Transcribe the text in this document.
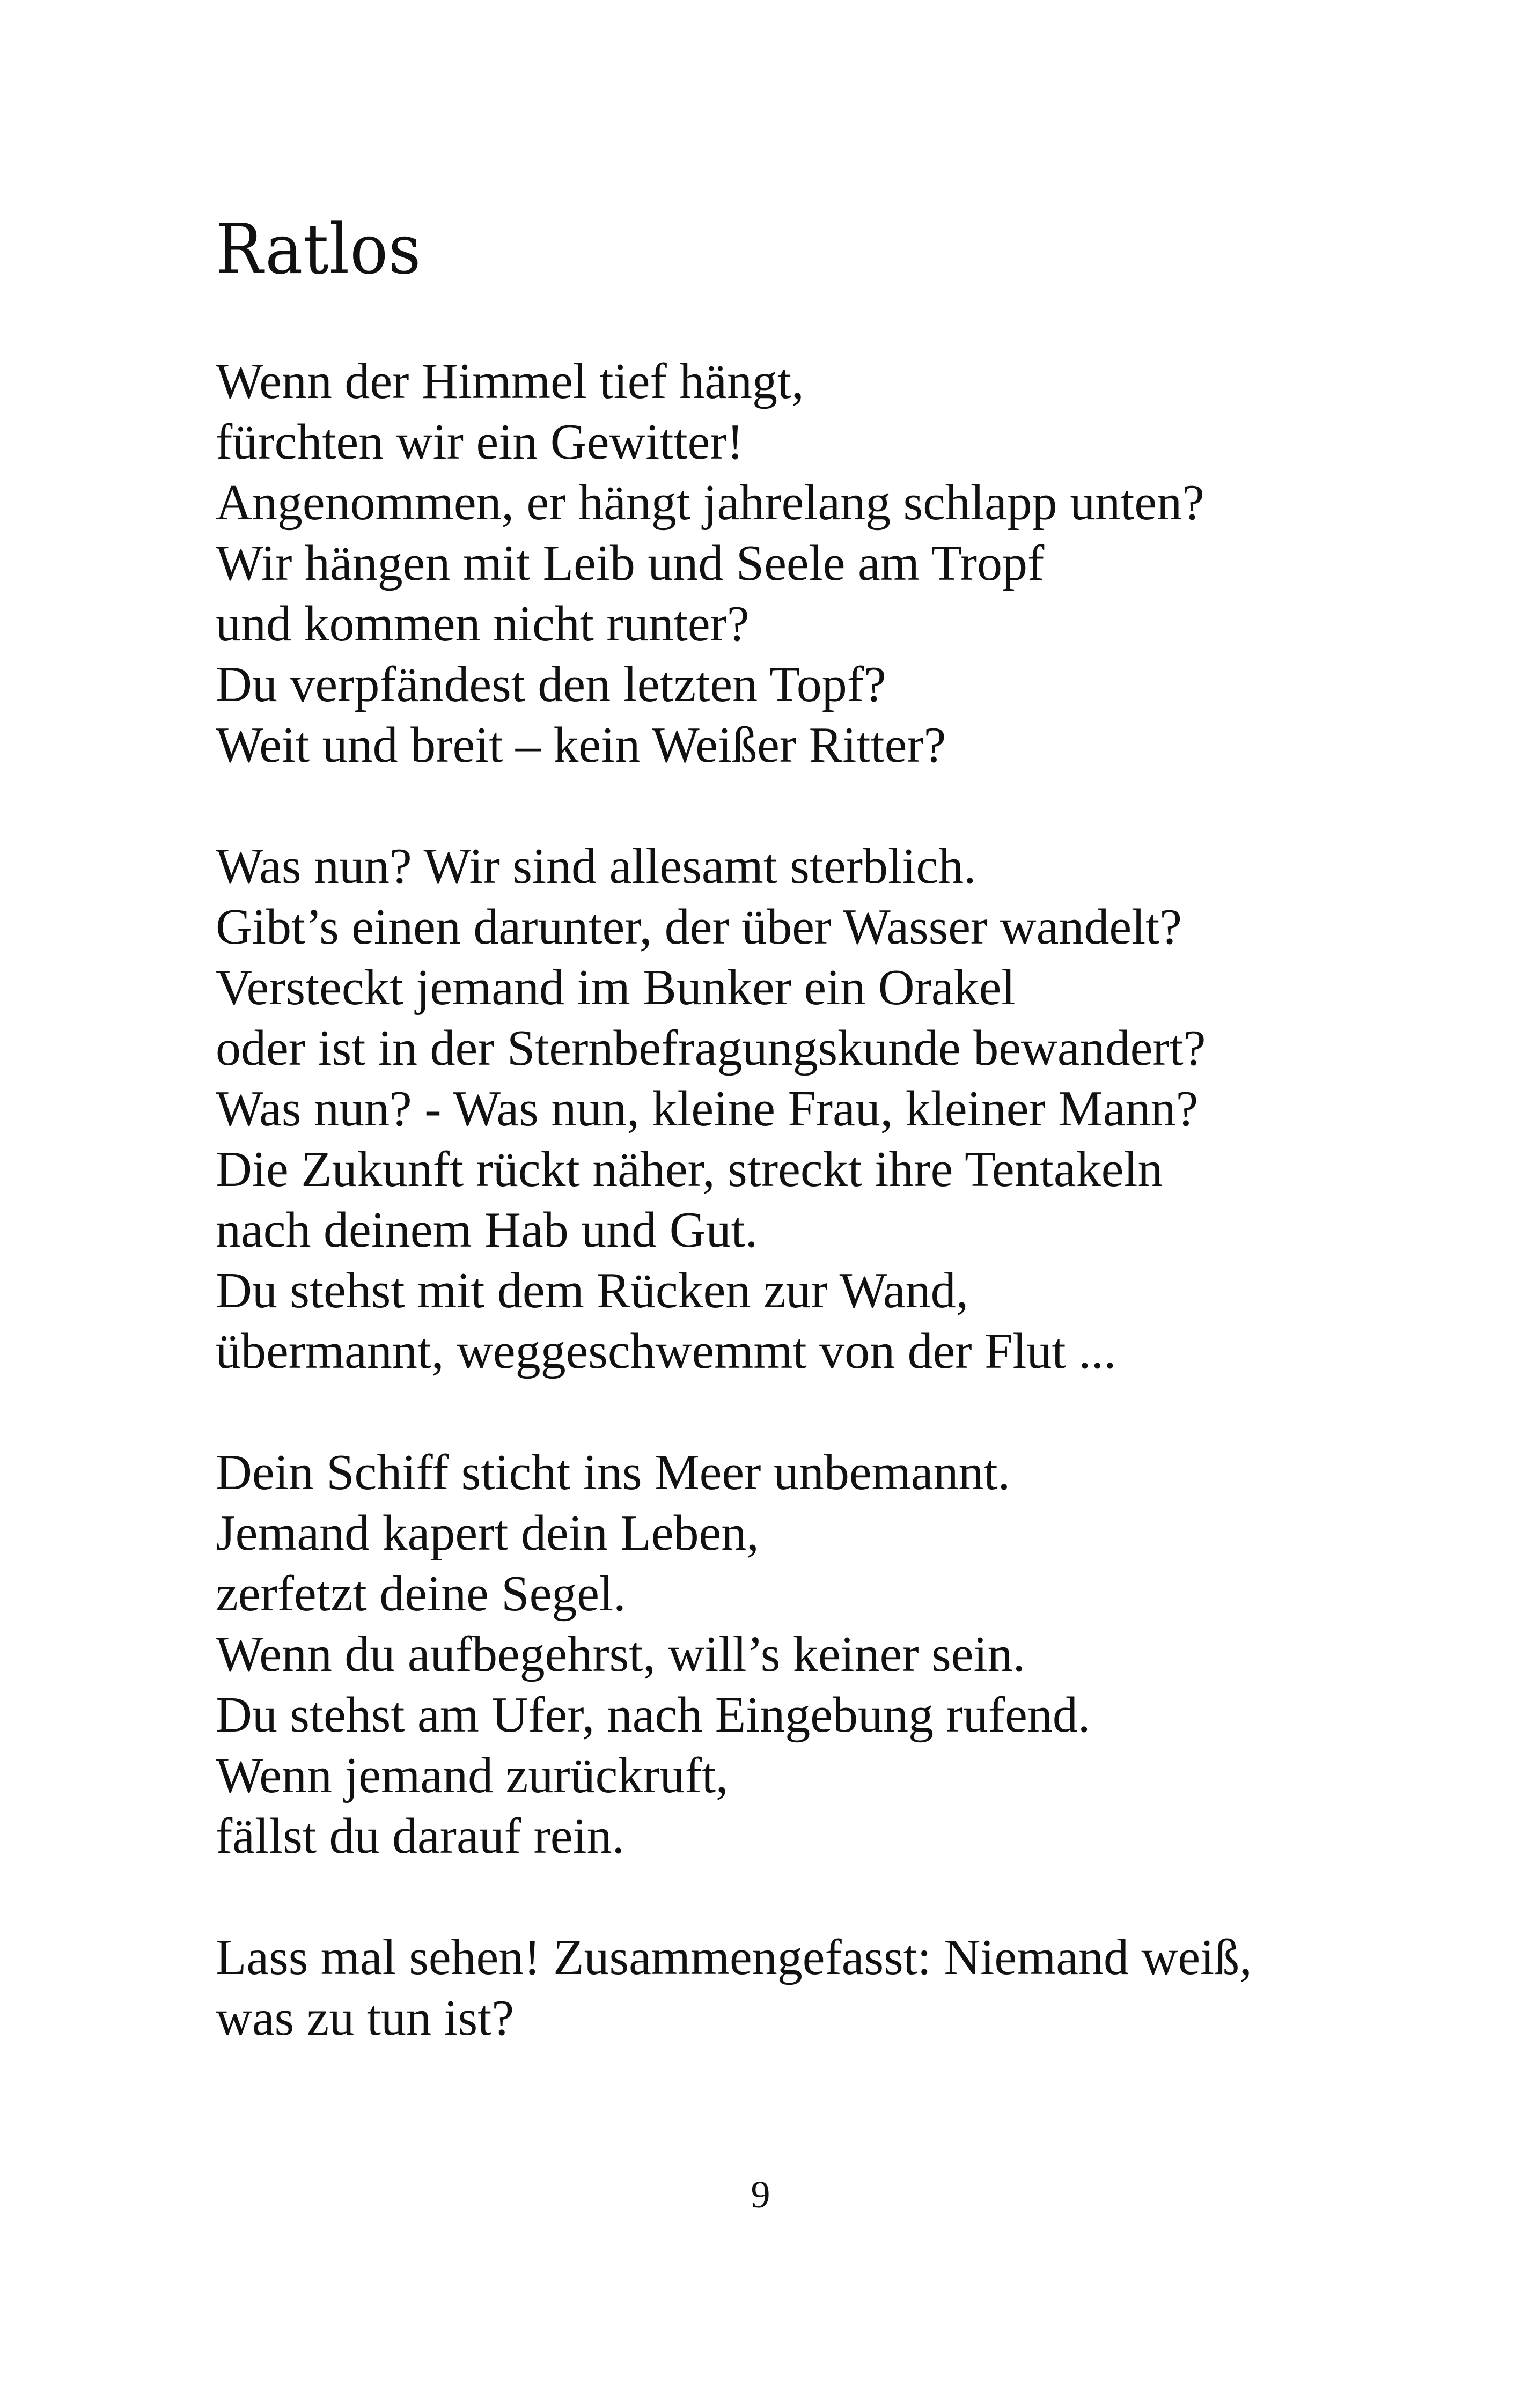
Ratlos
Wenn der Himmel tief hängt,
fürchten wir ein Gewitter!
Angenommen, er hängt jahrelang schlapp unten?
Wir hängen mit Leib und Seele am Tropf
und kommen nicht runter?
Du verpfändest den letzten Topf?
Weit und breit – kein Weißer Ritter?
Was nun? Wir sind allesamt sterblich.
Gibt’s einen darunter, der über Wasser wandelt?
Versteckt jemand im Bunker ein Orakel
oder ist in der Sternbefragungskunde bewandert?
Was nun? - Was nun, kleine Frau, kleiner Mann?
Die Zukunft rückt näher, streckt ihre Tentakeln
nach deinem Hab und Gut.
Du stehst mit dem Rücken zur Wand,
übermannt, weggeschwemmt von der Flut ...
Dein Schiff sticht ins Meer unbemannt.
Jemand kapert dein Leben,
zerfetzt deine Segel.
Wenn du aufbegehrst, will’s keiner sein.
Du stehst am Ufer, nach Eingebung rufend.
Wenn jemand zurückruft,
fällst du darauf rein.
Lass mal sehen! Zusammengefasst: Niemand weiß,
was zu tun ist?
9
